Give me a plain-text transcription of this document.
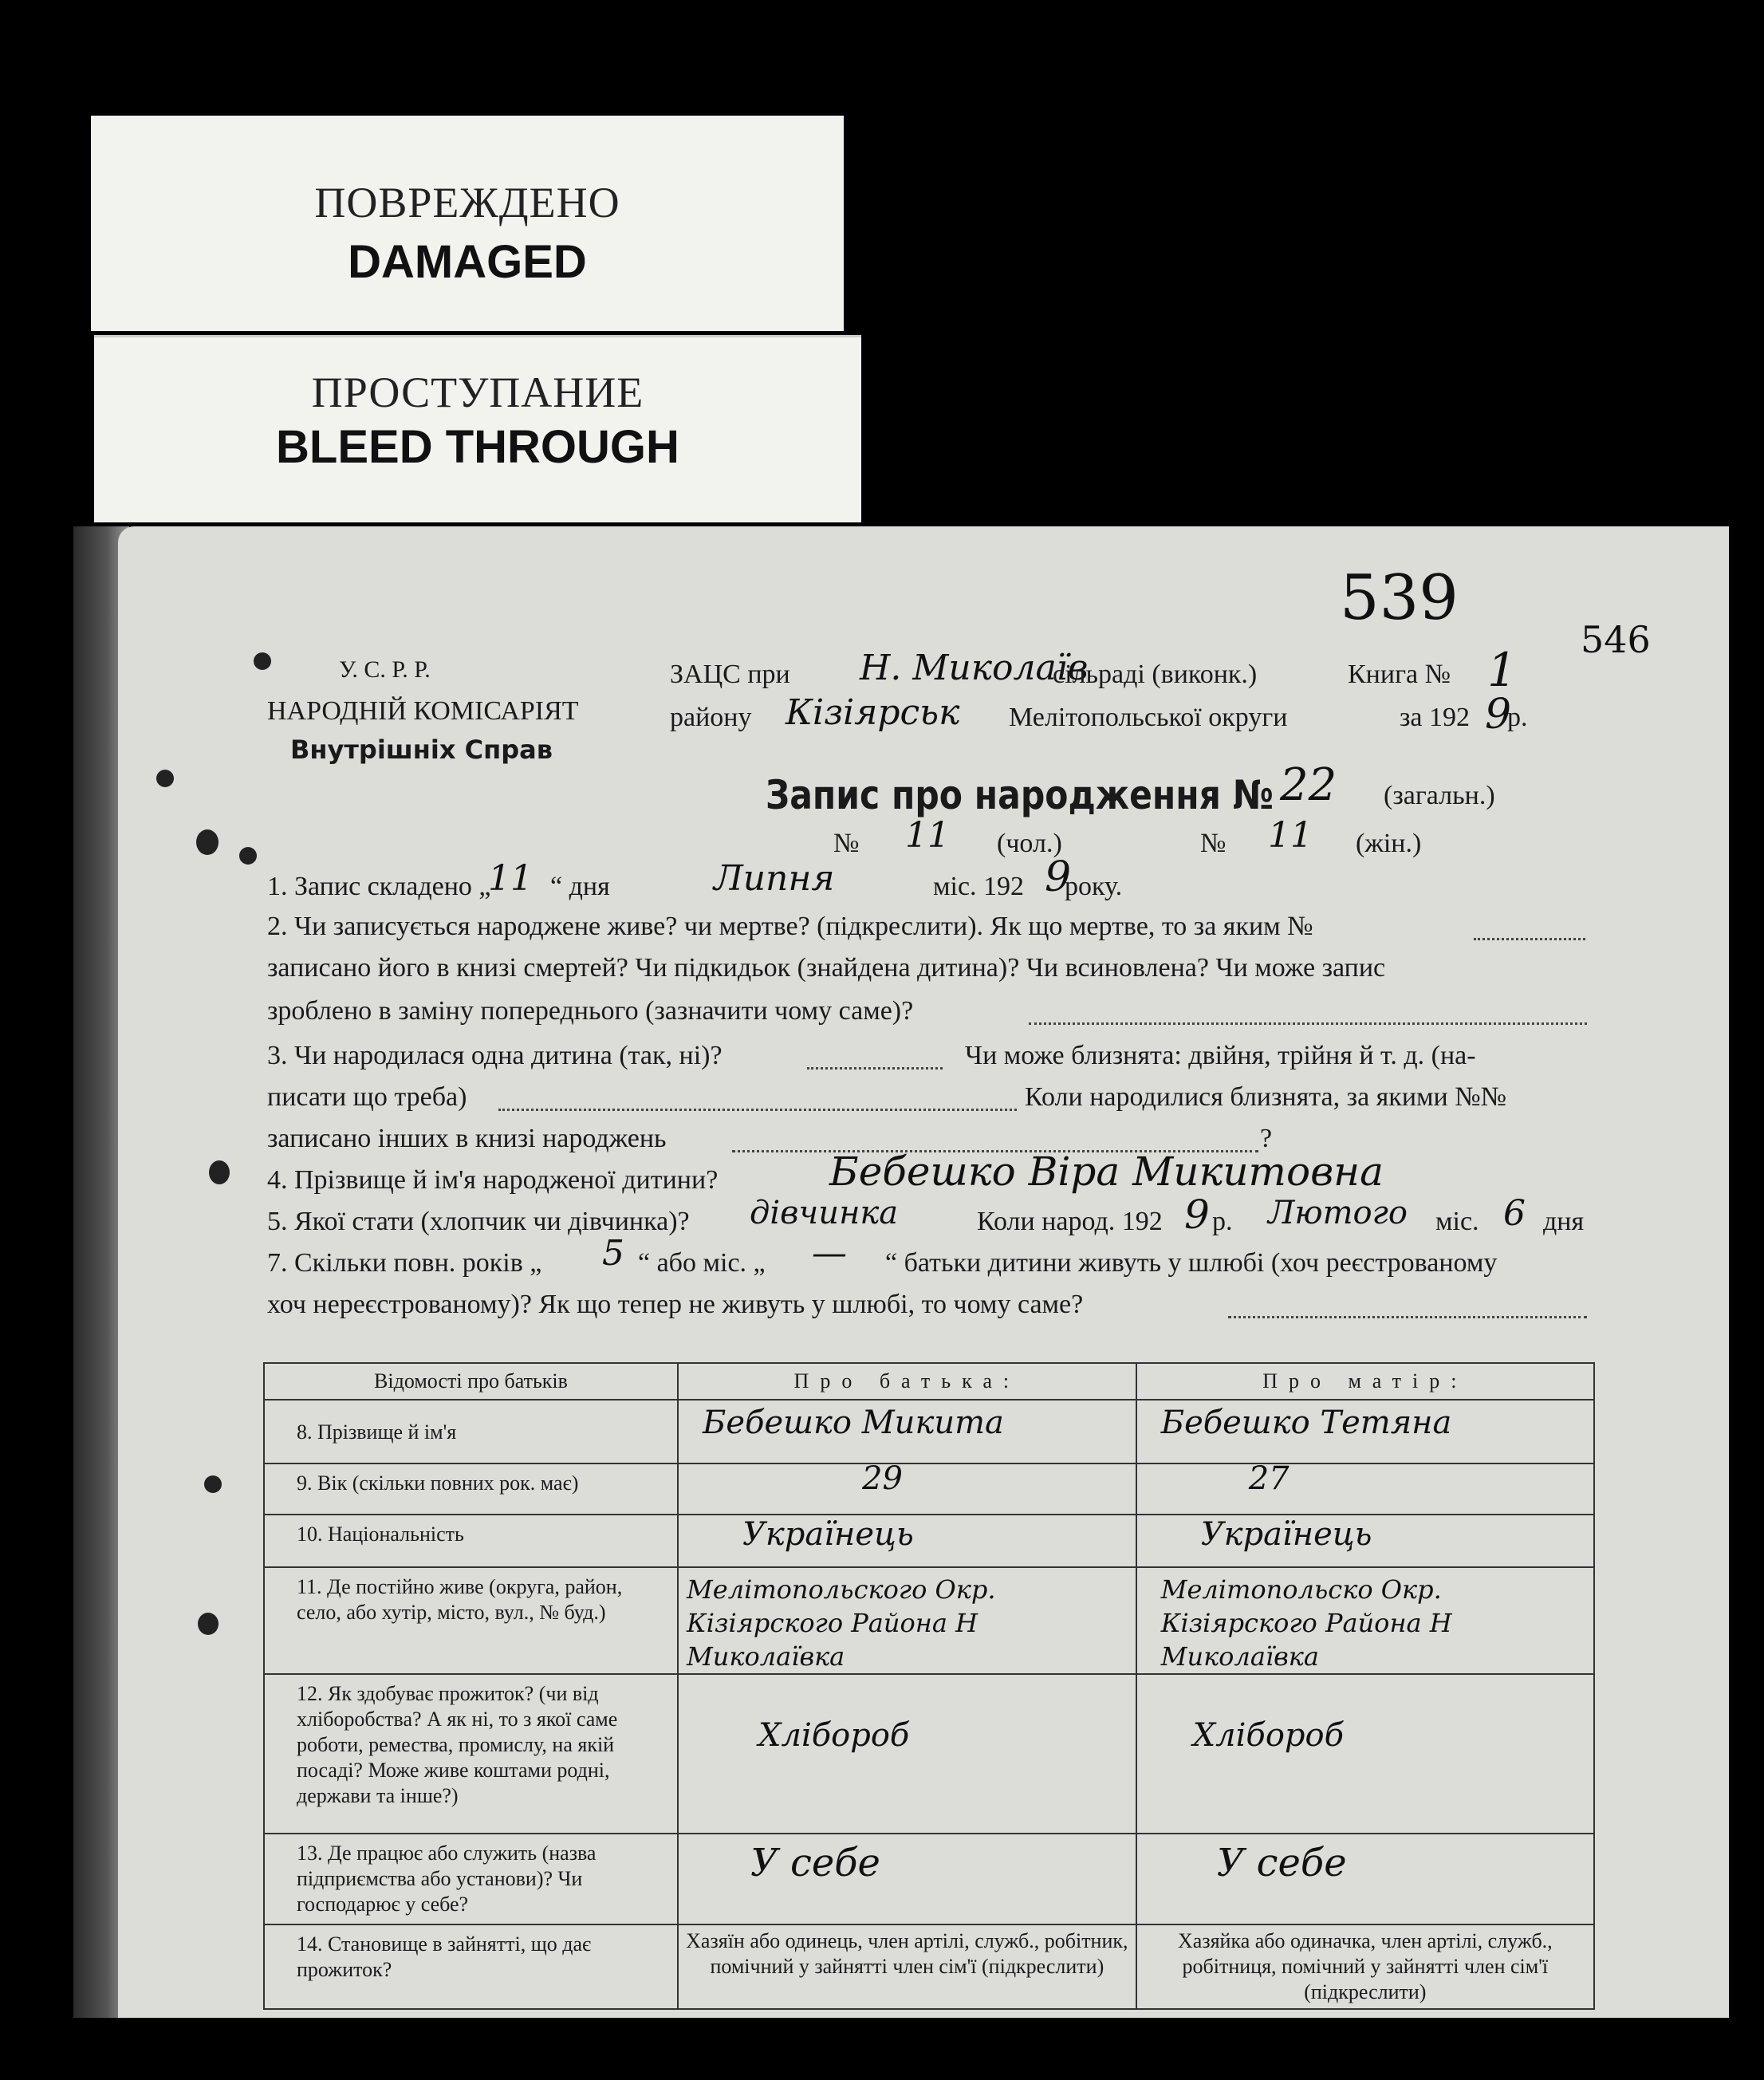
ПОВРЕЖДЕНО
DAMAGED
ПРОСТУПАНИЕ
BLEED THROUGH
539
546
У. С. Р. Р.
НАРОДНІЙ КОМІСАРІЯТ
Внутрішніх Справ
ЗАЦС при Н. Миколаїв
сільраді (виконк.)	Книга № 1
району Кізіярськ Мелітопольської округи	за 192 9
р.
Запис про народження № 22 (загальн.)
№ 11 (чол.)	№ 11 (жін.)
1. Запис складено „
11 “ дня	Липня	міс. 192 9
року.
2. Чи записується народжене живе? чи мертве? (підкреслити). Як що мертве, то за яким №
записано його в книзі смертей? Чи підкидьок (знайдена дитина)? Чи всиновлена? Чи може запис
зроблено в заміну попереднього (зазначити чому саме)?
3. Чи народилася одна дитина (так, ні)?	Чи може близнята: двійня, трійня й т. д. (на-
писати що треба)	Коли народилися близнята, за якими №№
записано інших в книзі народжень	?
4. Прізвище й ім'я народженої дитини?	Бебешко Віра Микитовна
5. Якої стати (хлопчик чи дівчинка)? дівчинка	Коли народ. 192 9 р. Лютого міс. 6 дня
7. Скільки повн. років „ 5 “ або міс. „ — “ батьки дитини живуть у шлюбі (хоч реєстрованому
хоч нереєстрованому)? Як що тепер не живуть у шлюбі, то чому саме?
Відомості про батьків	Про батька:	Про матір:
8. Прізвище й ім'я	Бебешко Микита	Бебешко Тетяна

9. Вік (скільки повних рок. має)	29	27

10. Національність	Українець	Українець

11. Де постійно живе (округа, район, село, або хутір, місто, вул., № буд.)	Мелітопольского Окр. Кізіярского Района Н Миколаївка	Мелітопольско Окр. Кізіярского Района Н Миколаївка

12. Як здобуває прожиток? (чи від хліборобства? А як ні, то з якої саме роботи, ремества, промислу, на якій посаді? Може живе коштами родні, держави та інше?)	Хлібороб	Хлібороб

13. Де працює або служить (назва підприємства або установи)? Чи господарює у себе?	У себе	У себе

14. Становище в зайнятті, що дає прожиток?	Хазяїн або одинець, член артілі, служб., робітник, помічний у зайнятті член сім'ї (підкреслити)	Хазяйка або одиначка, член артілі, служб., робітниця, помічний у зайнятті член сім'ї (підкреслити)
